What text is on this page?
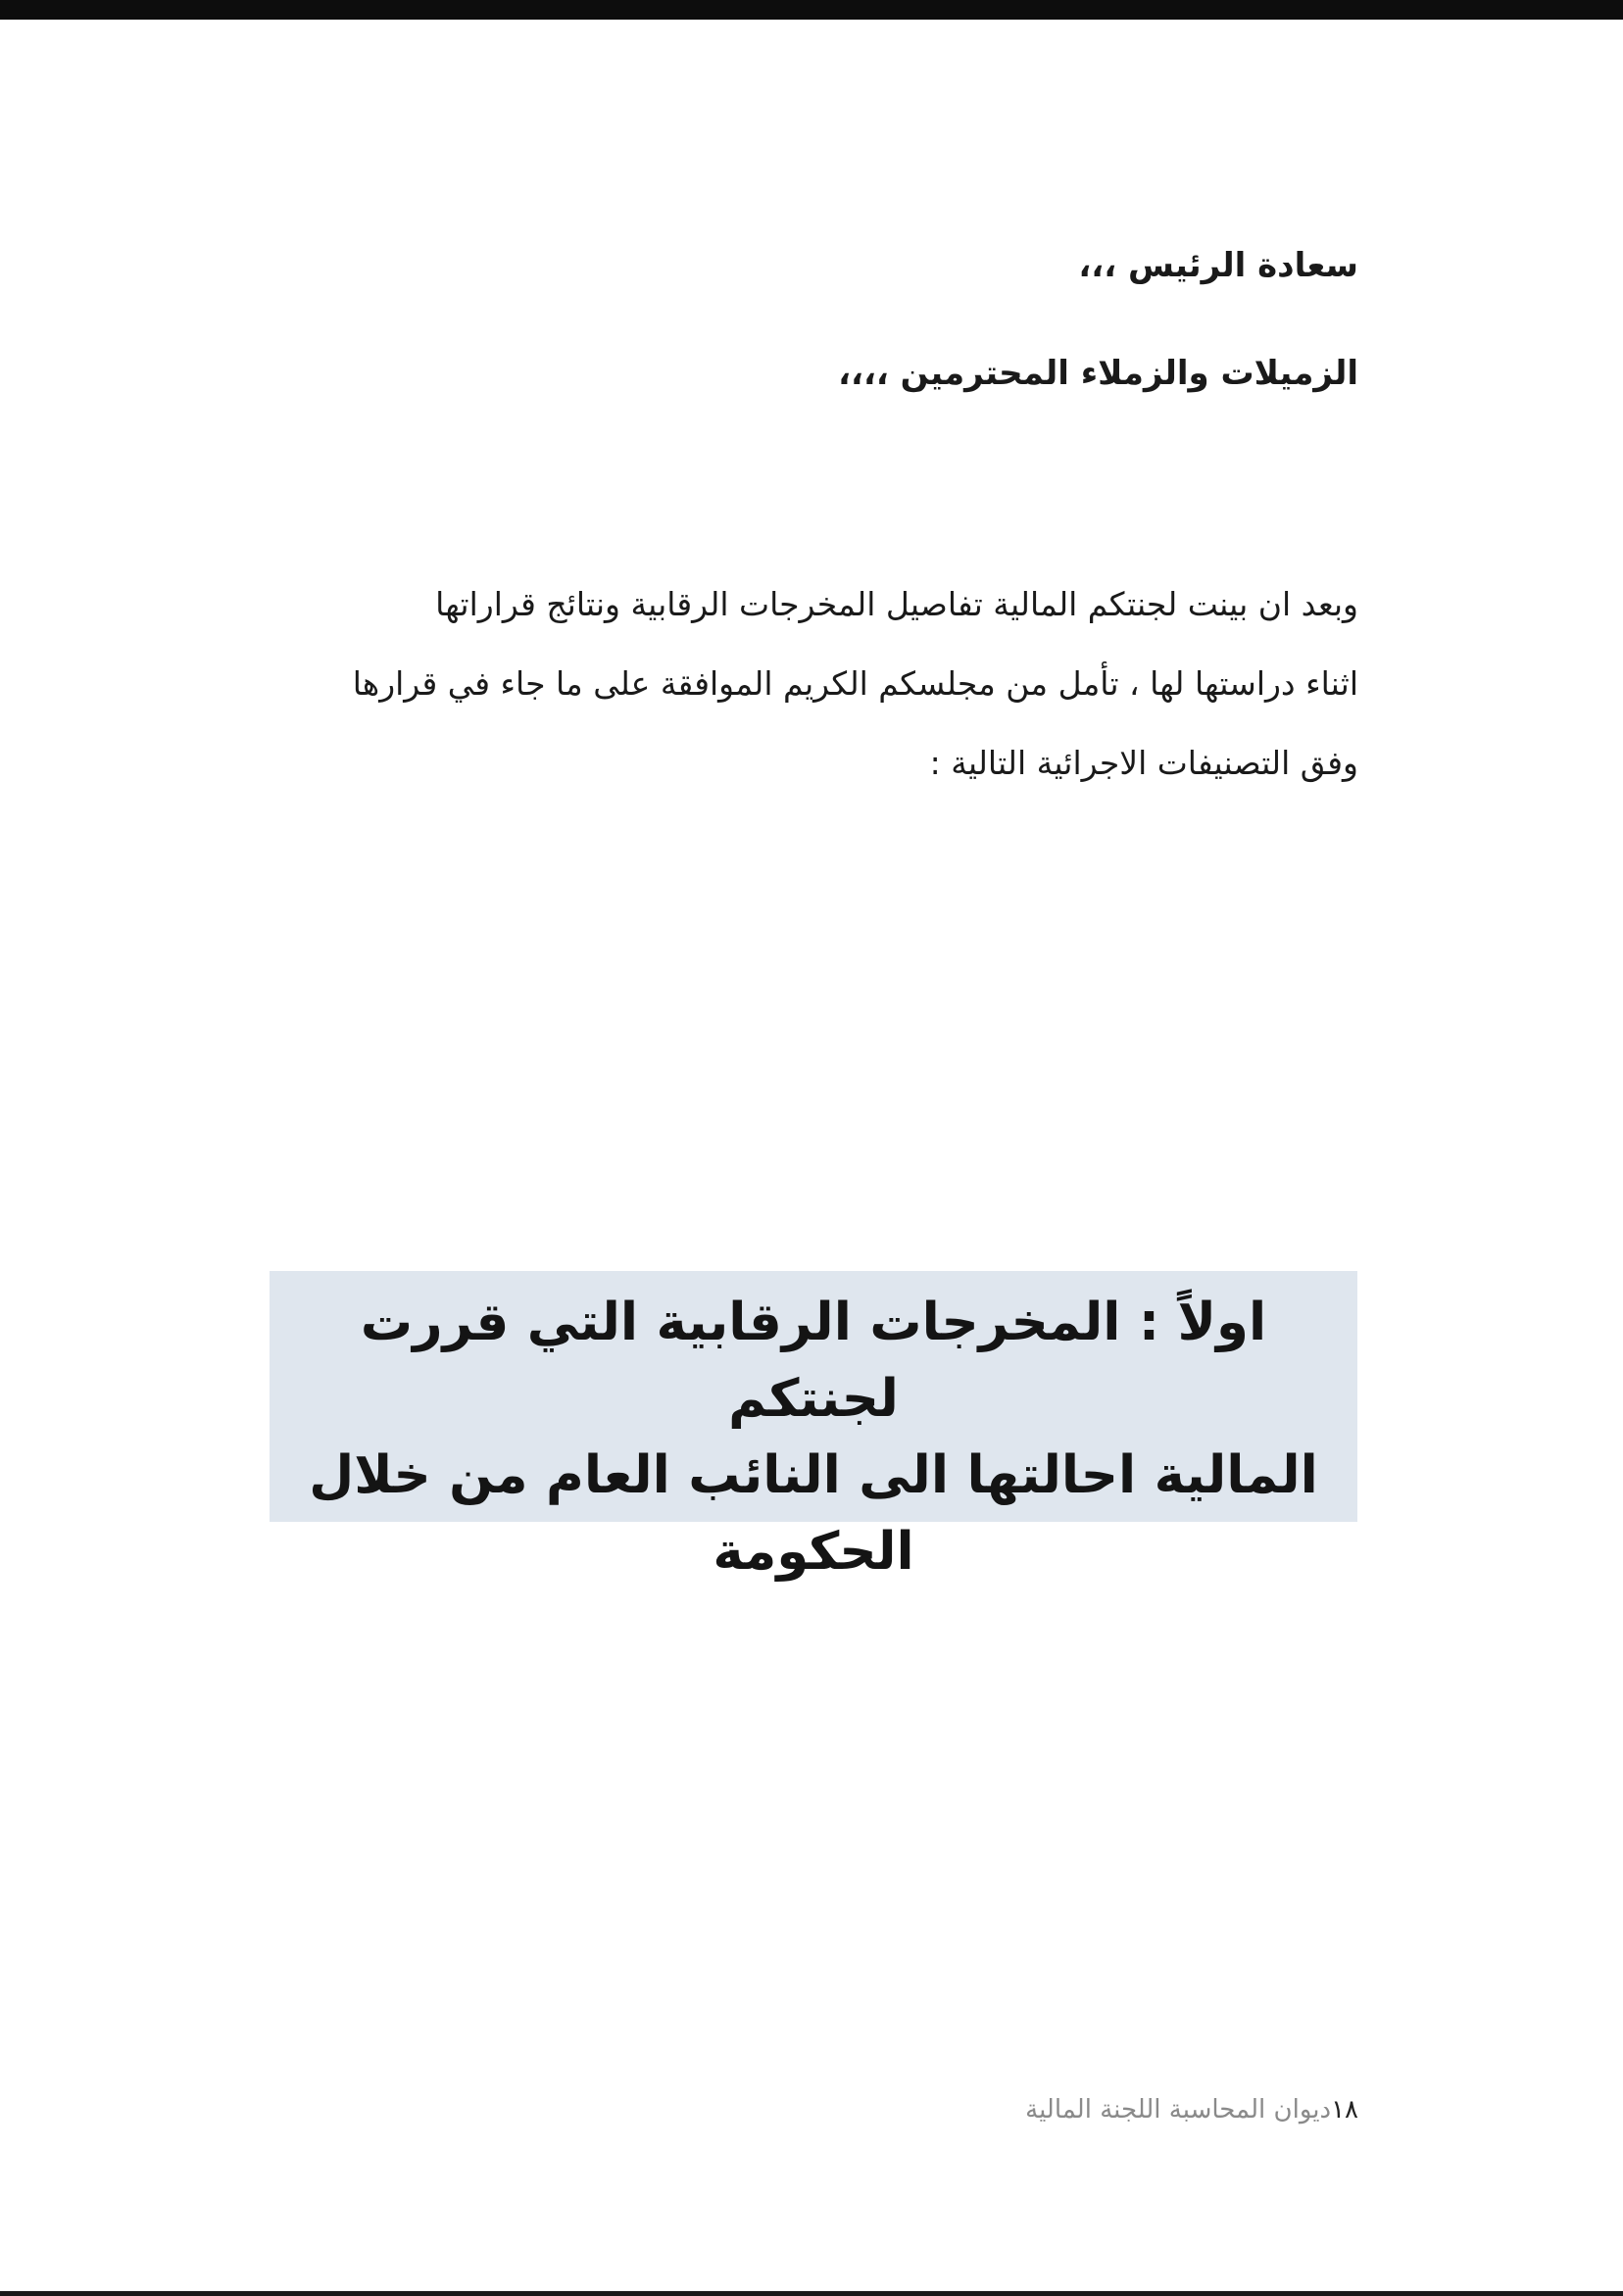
سعادة الرئيس ،،،
الزميلات والزملاء المحترمين ،،،،

وبعد ان بينت لجنتكم المالية تفاصيل المخرجات الرقابية ونتائج قراراتها

اثناء دراستها لها ، تأمل من مجلسكم الكريم الموافقة على ما جاء في قرارها

وفق التصنيفات الاجرائية التالية :

اولاً : المخرجات الرقابية التي قررت لجنتكم
المالية احالتها الى النائب العام من خلال
الحكومة
١٨ديوان المحاسبة اللجنة المالية
